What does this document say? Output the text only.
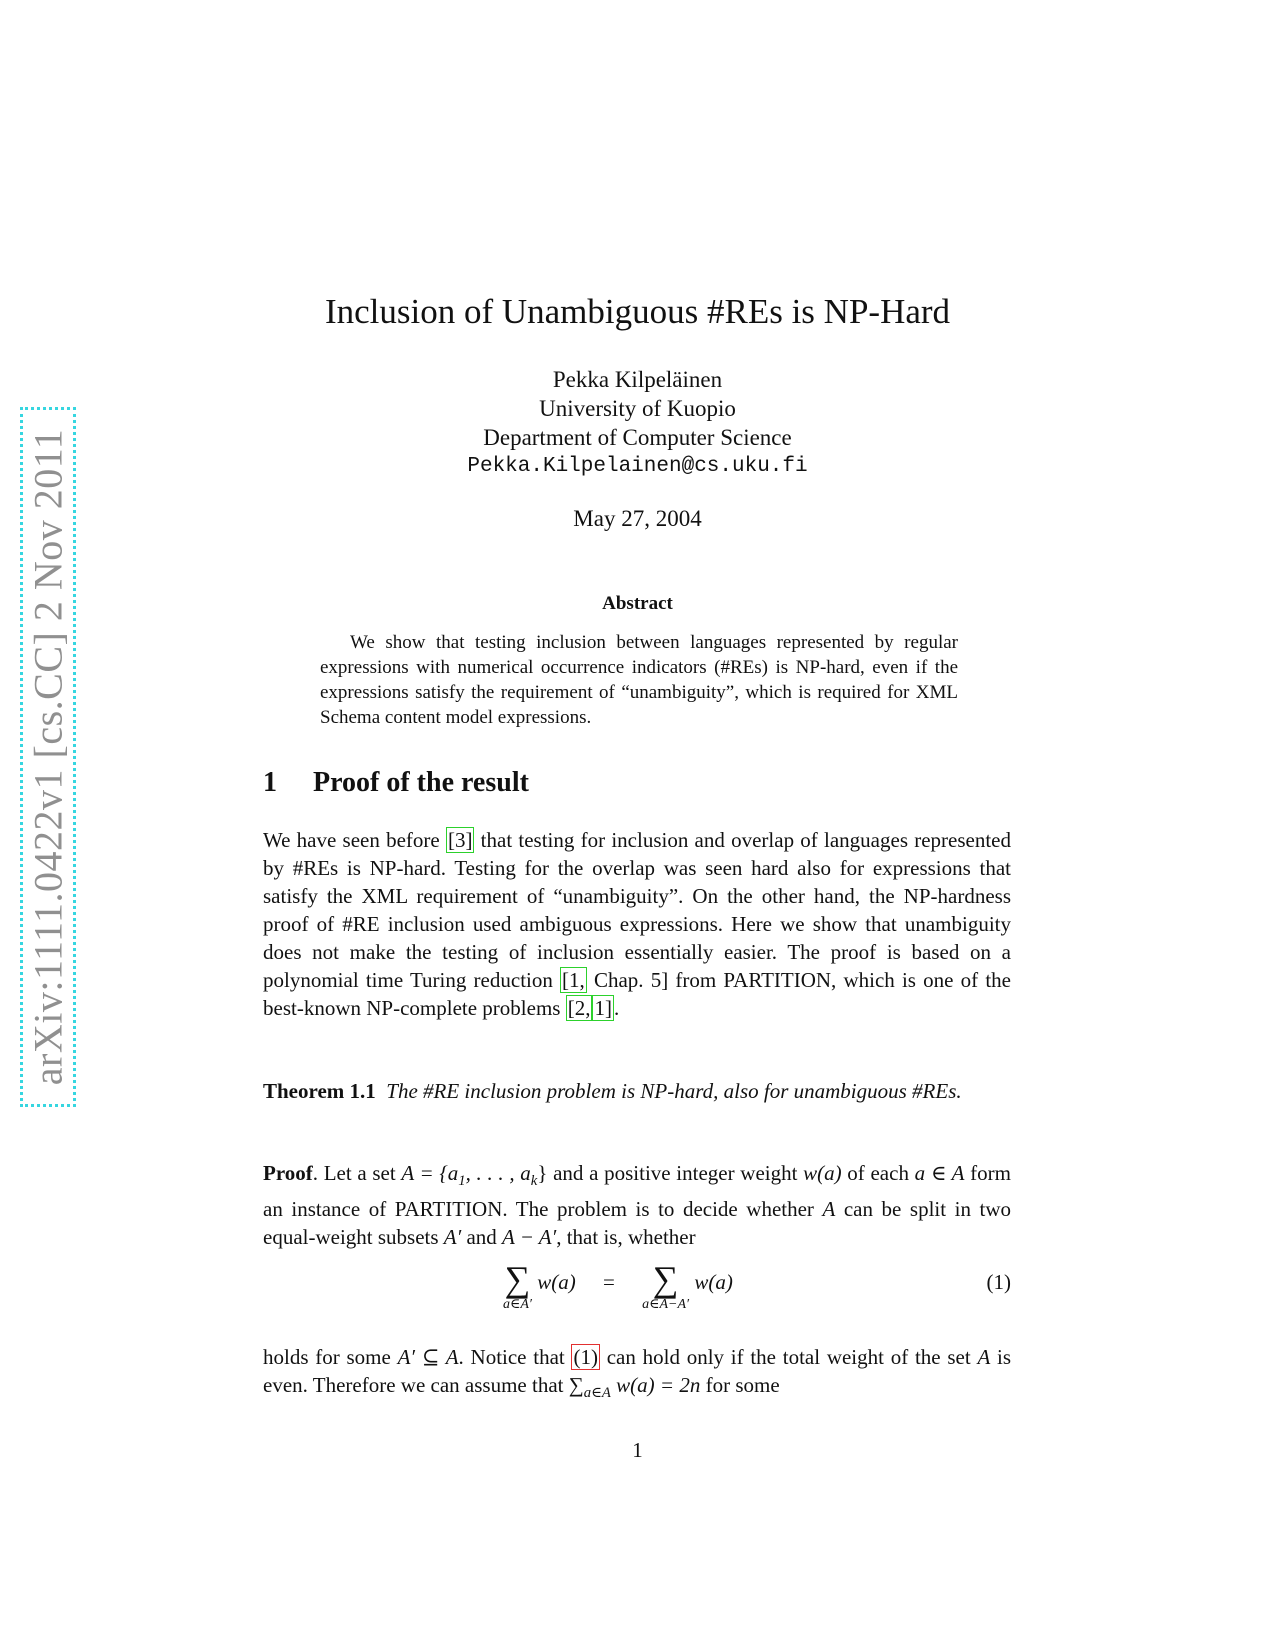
arXiv:1111.0422v1 [cs.CC] 2 Nov 2011
Inclusion of Unambiguous #REs is NP-Hard
Pekka Kilpeläinen
University of Kuopio
Department of Computer Science
Pekka.Kilpelainen@cs.uku.fi
May 27, 2004
Abstract
We show that testing inclusion between languages represented by regular expressions with numerical occurrence indicators (#REs) is NP-hard, even if the expressions satisfy the requirement of “unambiguity”, which is required for XML Schema content model expressions.
1 Proof of the result
We have seen before [3] that testing for inclusion and overlap of languages represented by #REs is NP-hard. Testing for the overlap was seen hard also for expressions that satisfy the XML requirement of “unambiguity”. On the other hand, the NP-hardness proof of #RE inclusion used ambiguous expressions. Here we show that unambiguity does not make the testing of inclusion essentially easier. The proof is based on a polynomial time Turing reduction [1, Chap. 5] from PARTITION, which is one of the best-known NP-complete problems [2, 1].
Theorem 1.1 The #RE inclusion problem is NP-hard, also for unambiguous #REs.
Proof. Let a set $A = \{a_1$, . . . , $a_k$} and a positive integer weight w(a) of each a ∈ A form an instance of PARTITION. The problem is to decide whether A can be split in two equal-weight subsets A′ and A − A′, that is, whether
∑
a∈A′
w(a) = ∑
a∈A−A′
w(a)	(1)
holds for some A′ ⊆ A. Notice that (1) can hold only if the total weight of the set A is even. Therefore we can assume that $\sum_{a\in A}$ w(a) = 2n for some
1
